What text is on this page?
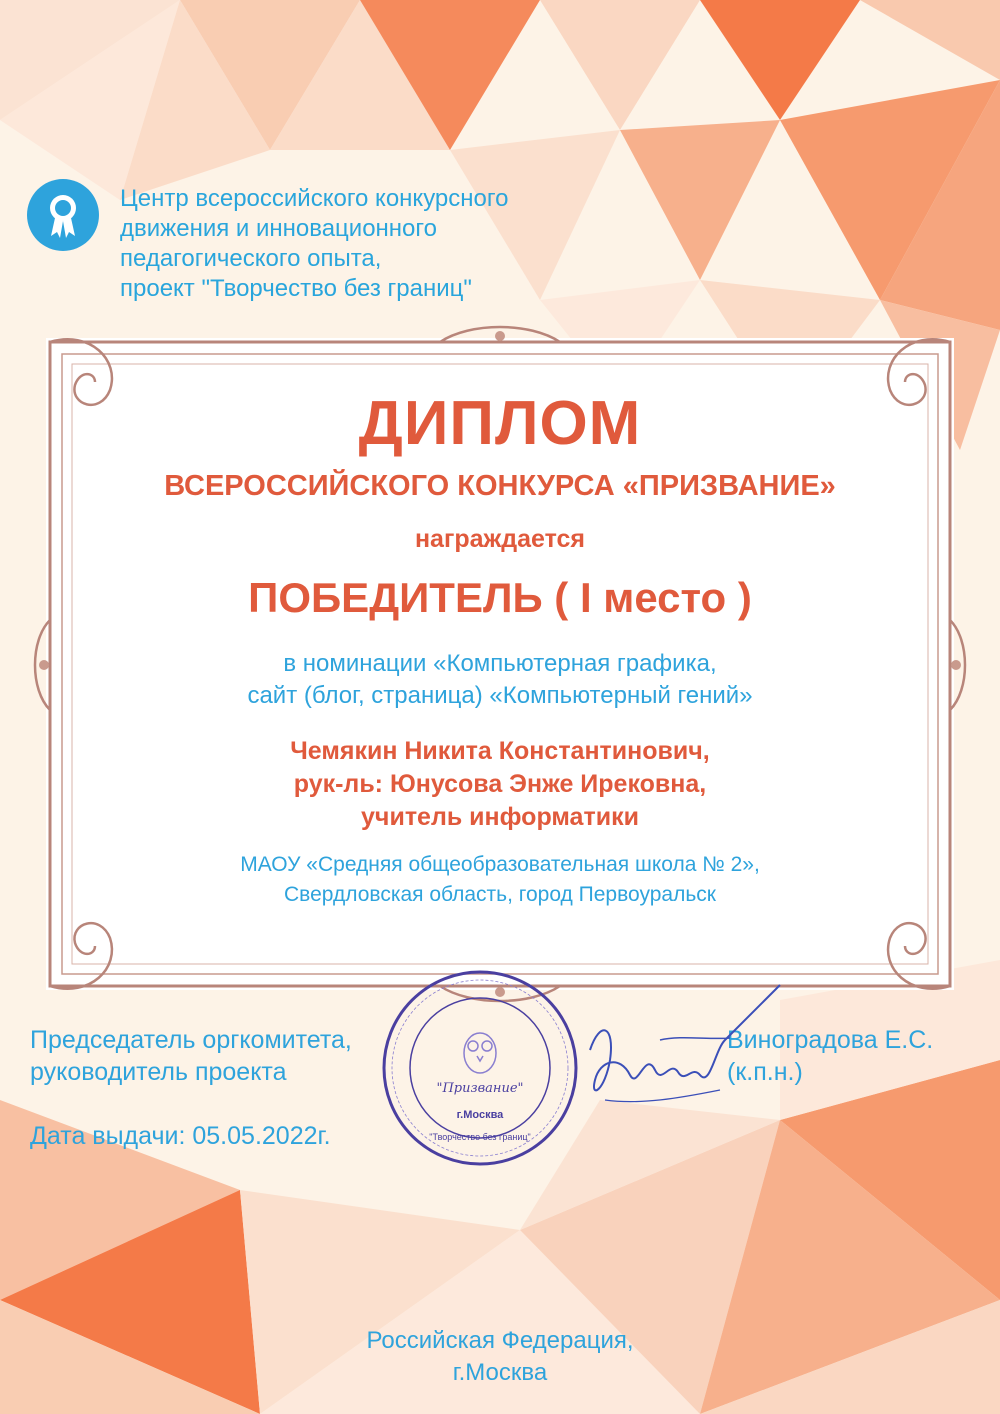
Центр всероссийского конкурсного
движения и инновационного
педагогического опыта,
проект "Творчество без границ"
ДИПЛОМ
ВСЕРОССИЙСКОГО КОНКУРСА «ПРИЗВАНИЕ»
награждается
ПОБЕДИТЕЛЬ ( I место )
в номинации «Компьютерная графика,
сайт (блог, страница) «Компьютерный гений»
Чемякин Никита Константинович,
рук-ль: Юнусова Энже Ирековна,
учитель информатики
МАОУ «Средняя общеобразовательная школа № 2»,
Свердловская область, город Первоуральск
Председатель оргкомитета,
руководитель проекта
Дата выдачи: 05.05.2022г.
Виноградова Е.С.
(к.п.н.)
"Призвание"
г.Москва
"Творчество без границ"
Российская Федерация,
г.Москва
